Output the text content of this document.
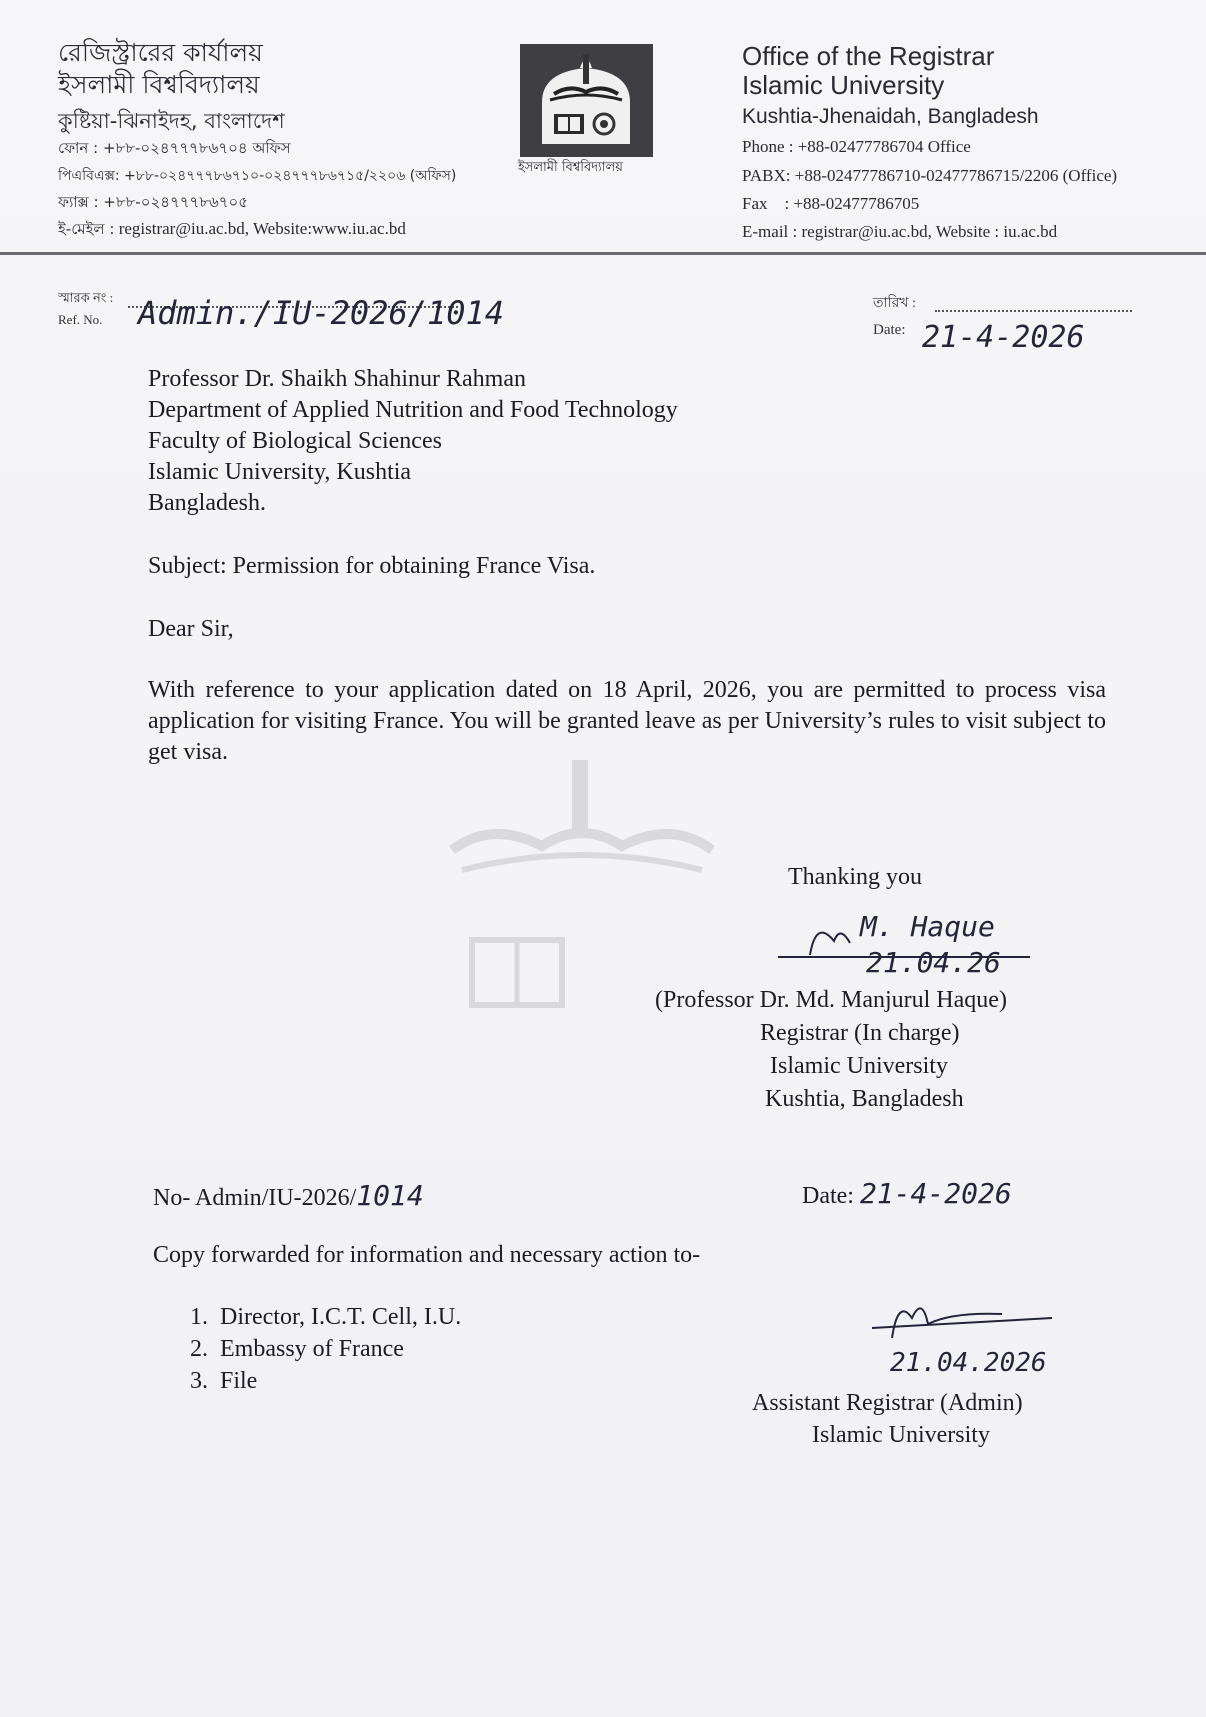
রেজিস্ট্রারের কার্যালয়
ইসলামী বিশ্ববিদ্যালয়
কুষ্টিয়া-ঝিনাইদহ, বাংলাদেশ
ফোন : +৮৮-০২৪৭৭৭৮৬৭০৪ অফিস
পিএবিএক্স: +৮৮-০২৪৭৭৭৮৬৭১০-০২৪৭৭৭৮৬৭১৫/২২০৬ (অফিস)
ফ্যাক্স : +৮৮-০২৪৭৭৭৮৬৭০৫
ই-মেইল : registrar@iu.ac.bd, Website:www.iu.ac.bd
ইসলামী বিশ্ববিদ্যালয়
Office of the Registrar
Islamic University
Kushtia-Jhenaidah, Bangladesh
Phone : +88-02477786704 Office
PABX: +88-02477786710-02477786715/2206 (Office)
Fax    : +88-02477786705
E-mail : registrar@iu.ac.bd, Website : iu.ac.bd
স্মারক নং :
Ref. No. Admin./IU-2026/1014	তারিখ :
Date: 21-4-2026
Professor Dr. Shaikh Shahinur Rahman
Department of Applied Nutrition and Food Technology
Faculty of Biological Sciences
Islamic University, Kushtia
Bangladesh.
Subject: Permission for obtaining France Visa.
Dear Sir,
With reference to your application dated on 18 April, 2026, you are permitted to process visa application for visiting France. You will be granted leave as per University’s rules to visit subject to get visa.
Thanking you
M. Haque
21.04.26
(Professor Dr. Md. Manjurul Haque)
Registrar (In charge)
Islamic University
Kushtia, Bangladesh
No- Admin/IU-2026/1014	Date: 21-4-2026
Copy forwarded for information and necessary action to-
1.  Director, I.C.T. Cell, I.U.
2.  Embassy of France
3.  File
21.04.2026
Assistant Registrar (Admin)
Islamic University
